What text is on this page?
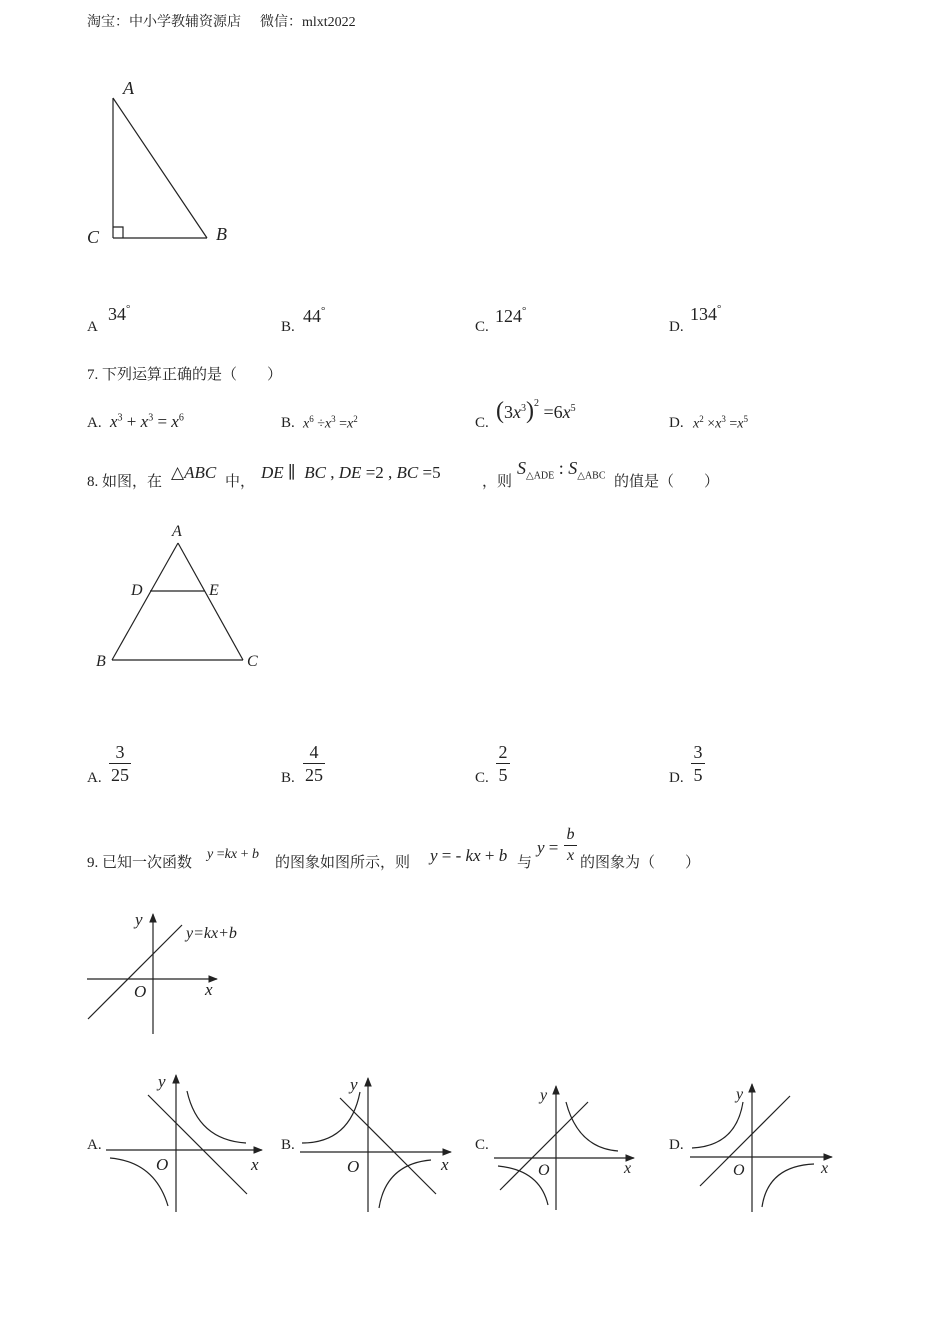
淘宝：中小学教辅资源店 微信：mlxt2022
A
C	B
A
34°
B.
44°
C.
124°
D.
134°
7. 下列运算正确的是（　　）
A. $x^3 + x^3 = x^6$	B. $x^6 \div x^3 =x^2$	C. $(3x^3)^2 =6x^5$
D. $x^2 \times x^3 =x^5$
8. 如图，在 △ABC 中， DE ∥  BC , DE =2 , BC =5	，则
$S_{\triangle ADE}$ : $S_{\triangle ABC}$ 的值是（　　）
A
D	E
B	C
A.
3
25	B.
4
25	C.
2
5	D.
3
5
9. 已知一次函数
y =kx + b
的图象如图所示，则 y = - kx + b 与
y =
b
x 的图象为（　　）
y
x
O
y=kx+b
y
x
O
y
x
O
y
x
O
y
x
O
A.	B.	C.	D.
